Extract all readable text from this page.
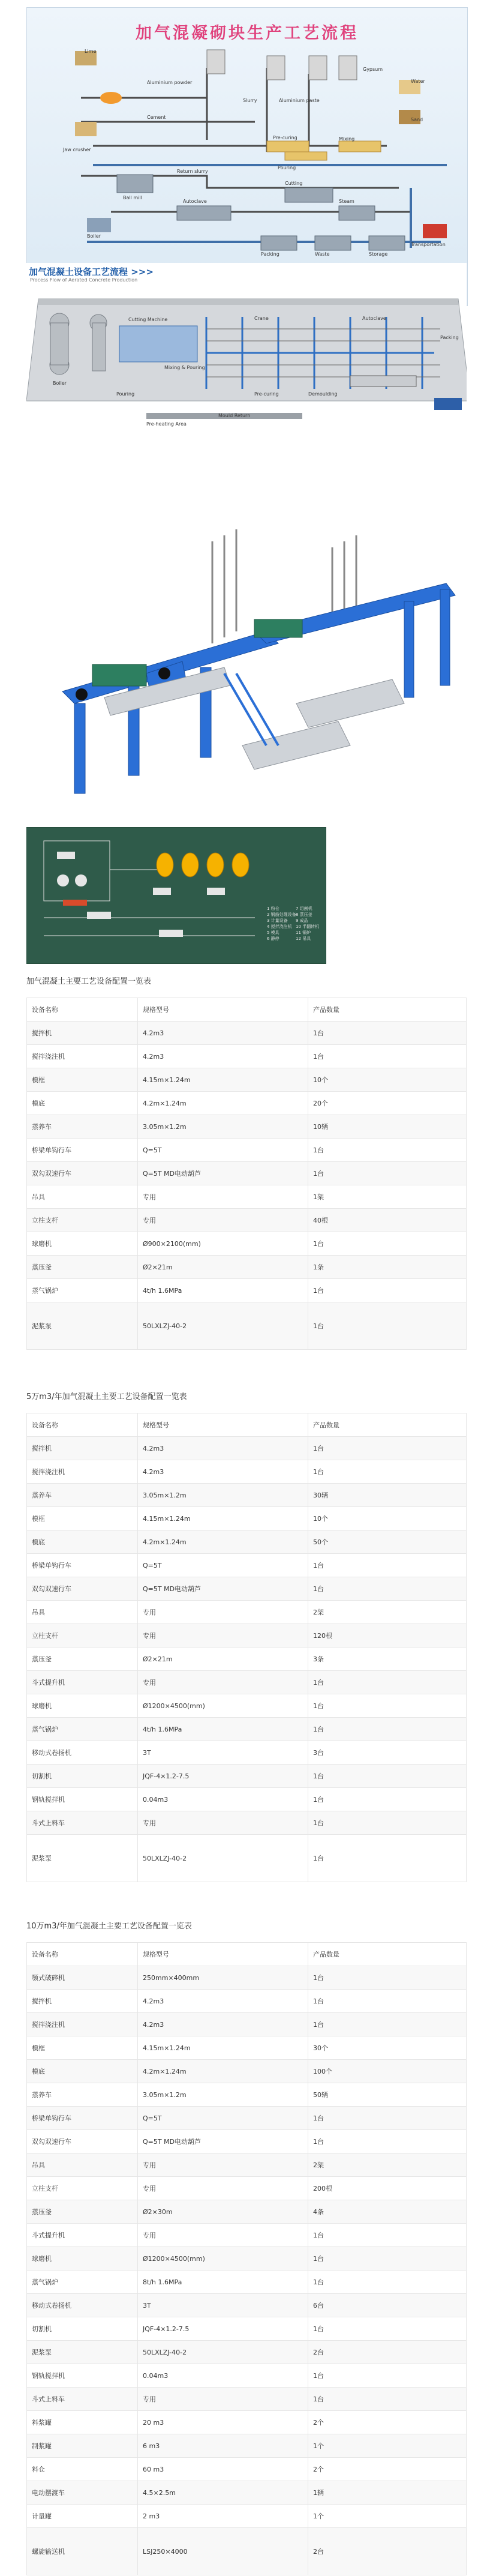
加气混凝砌块生产工艺流程
Lime
Aluminium powder
Gypsum
Water
Cement	Sand
Jaw crusher
Ball mill
Slurry	Aluminium paste
Mixing
Pouring
Pre-curing
Cutting
Autoclave
Packing
Transportation
Storage
Steam
Boiler
Return slurry
Waste
加气混凝土设备工艺流程 >>>
Process Flow of Aerated Concrete Production
Boiler
Cutting Machine	Crane	Autoclave
Pouring	Pre-curing
Packing
Pre-heating Area
Mixing & Pouring
Demoulding
Mould Return
1 粉仓
2 钢筋处理设备
3 计量设备
4 搅拌浇注机
5 模具
6 静停
7 切割机
8 蒸压釜
9 成品
10 半翻转机
11 锅炉
12 吊具
加气混凝土主要工艺设备配置一览表
设备名称	规格型号	产品数量
搅拌机	4.2m3	1台
搅拌浇注机	4.2m3	1台
模框	4.15m×1.24m	10个
模底	4.2m×1.24m	20个
蒸养车	3.05m×1.2m	10辆
桥梁单钩行车	Q=5T	1台
双勾双速行车	Q=5T MD电动葫芦	1台
吊具	专用	1架
立柱支杆	专用	40根
球磨机	Ø900×2100(mm)	1台
蒸压釜	Ø2×21m	1条
蒸气锅炉	4t/h 1.6MPa	1台
泥浆泵	50LXLZJ-40-2	1台
5万m3/年加气混凝土主要工艺设备配置一览表
设备名称	规格型号	产品数量
搅拌机	4.2m3	1台
搅拌浇注机	4.2m3	1台
蒸养车	3.05m×1.2m	30辆
模框	4.15m×1.24m	10个
模底	4.2m×1.24m	50个
桥梁单钩行车	Q=5T	1台
双勾双速行车	Q=5T MD电动葫芦	1台
吊具	专用	2架
立柱支杆	专用	120根
蒸压釜	Ø2×21m	3条
斗式提升机	专用	1台
球磨机	Ø1200×4500(mm)	1台
蒸气锅炉	4t/h 1.6MPa	1台
移动式卷扬机	3T	3台
切割机	JQF-4×1.2-7.5	1台
钢轨搅拌机	0.04m3	1台
斗式上料车	专用	1台
泥浆泵	50LXLZJ-40-2	1台
10万m3/年加气混凝土主要工艺设备配置一览表
设备名称	规格型号	产品数量
颚式破碎机	250mm×400mm	1台
搅拌机	4.2m3	1台
搅拌浇注机	4.2m3	1台
模框	4.15m×1.24m	30个
模底	4.2m×1.24m	100个
蒸养车	3.05m×1.2m	50辆
桥梁单钩行车	Q=5T	1台
双勾双速行车	Q=5T MD电动葫芦	1台
吊具	专用	2架
立柱支杆	专用	200根
蒸压釜	Ø2×30m	4条
斗式提升机	专用	1台
球磨机	Ø1200×4500(mm)	1台
蒸气锅炉	8t/h 1.6MPa	1台
移动式卷扬机	3T	6台
切割机	JQF-4×1.2-7.5	1台
泥浆泵	50LXLZJ-40-2	2台
钢轨搅拌机	0.04m3	1台
斗式上料车	专用	1台
料浆罐	20 m3	2个
制浆罐	6 m3	1个
料仓	60 m3	2个
电动摆渡车	4.5×2.5m	1辆
计量罐	2 m3	1个
螺旋输送机	LSJ250×4000	2台
